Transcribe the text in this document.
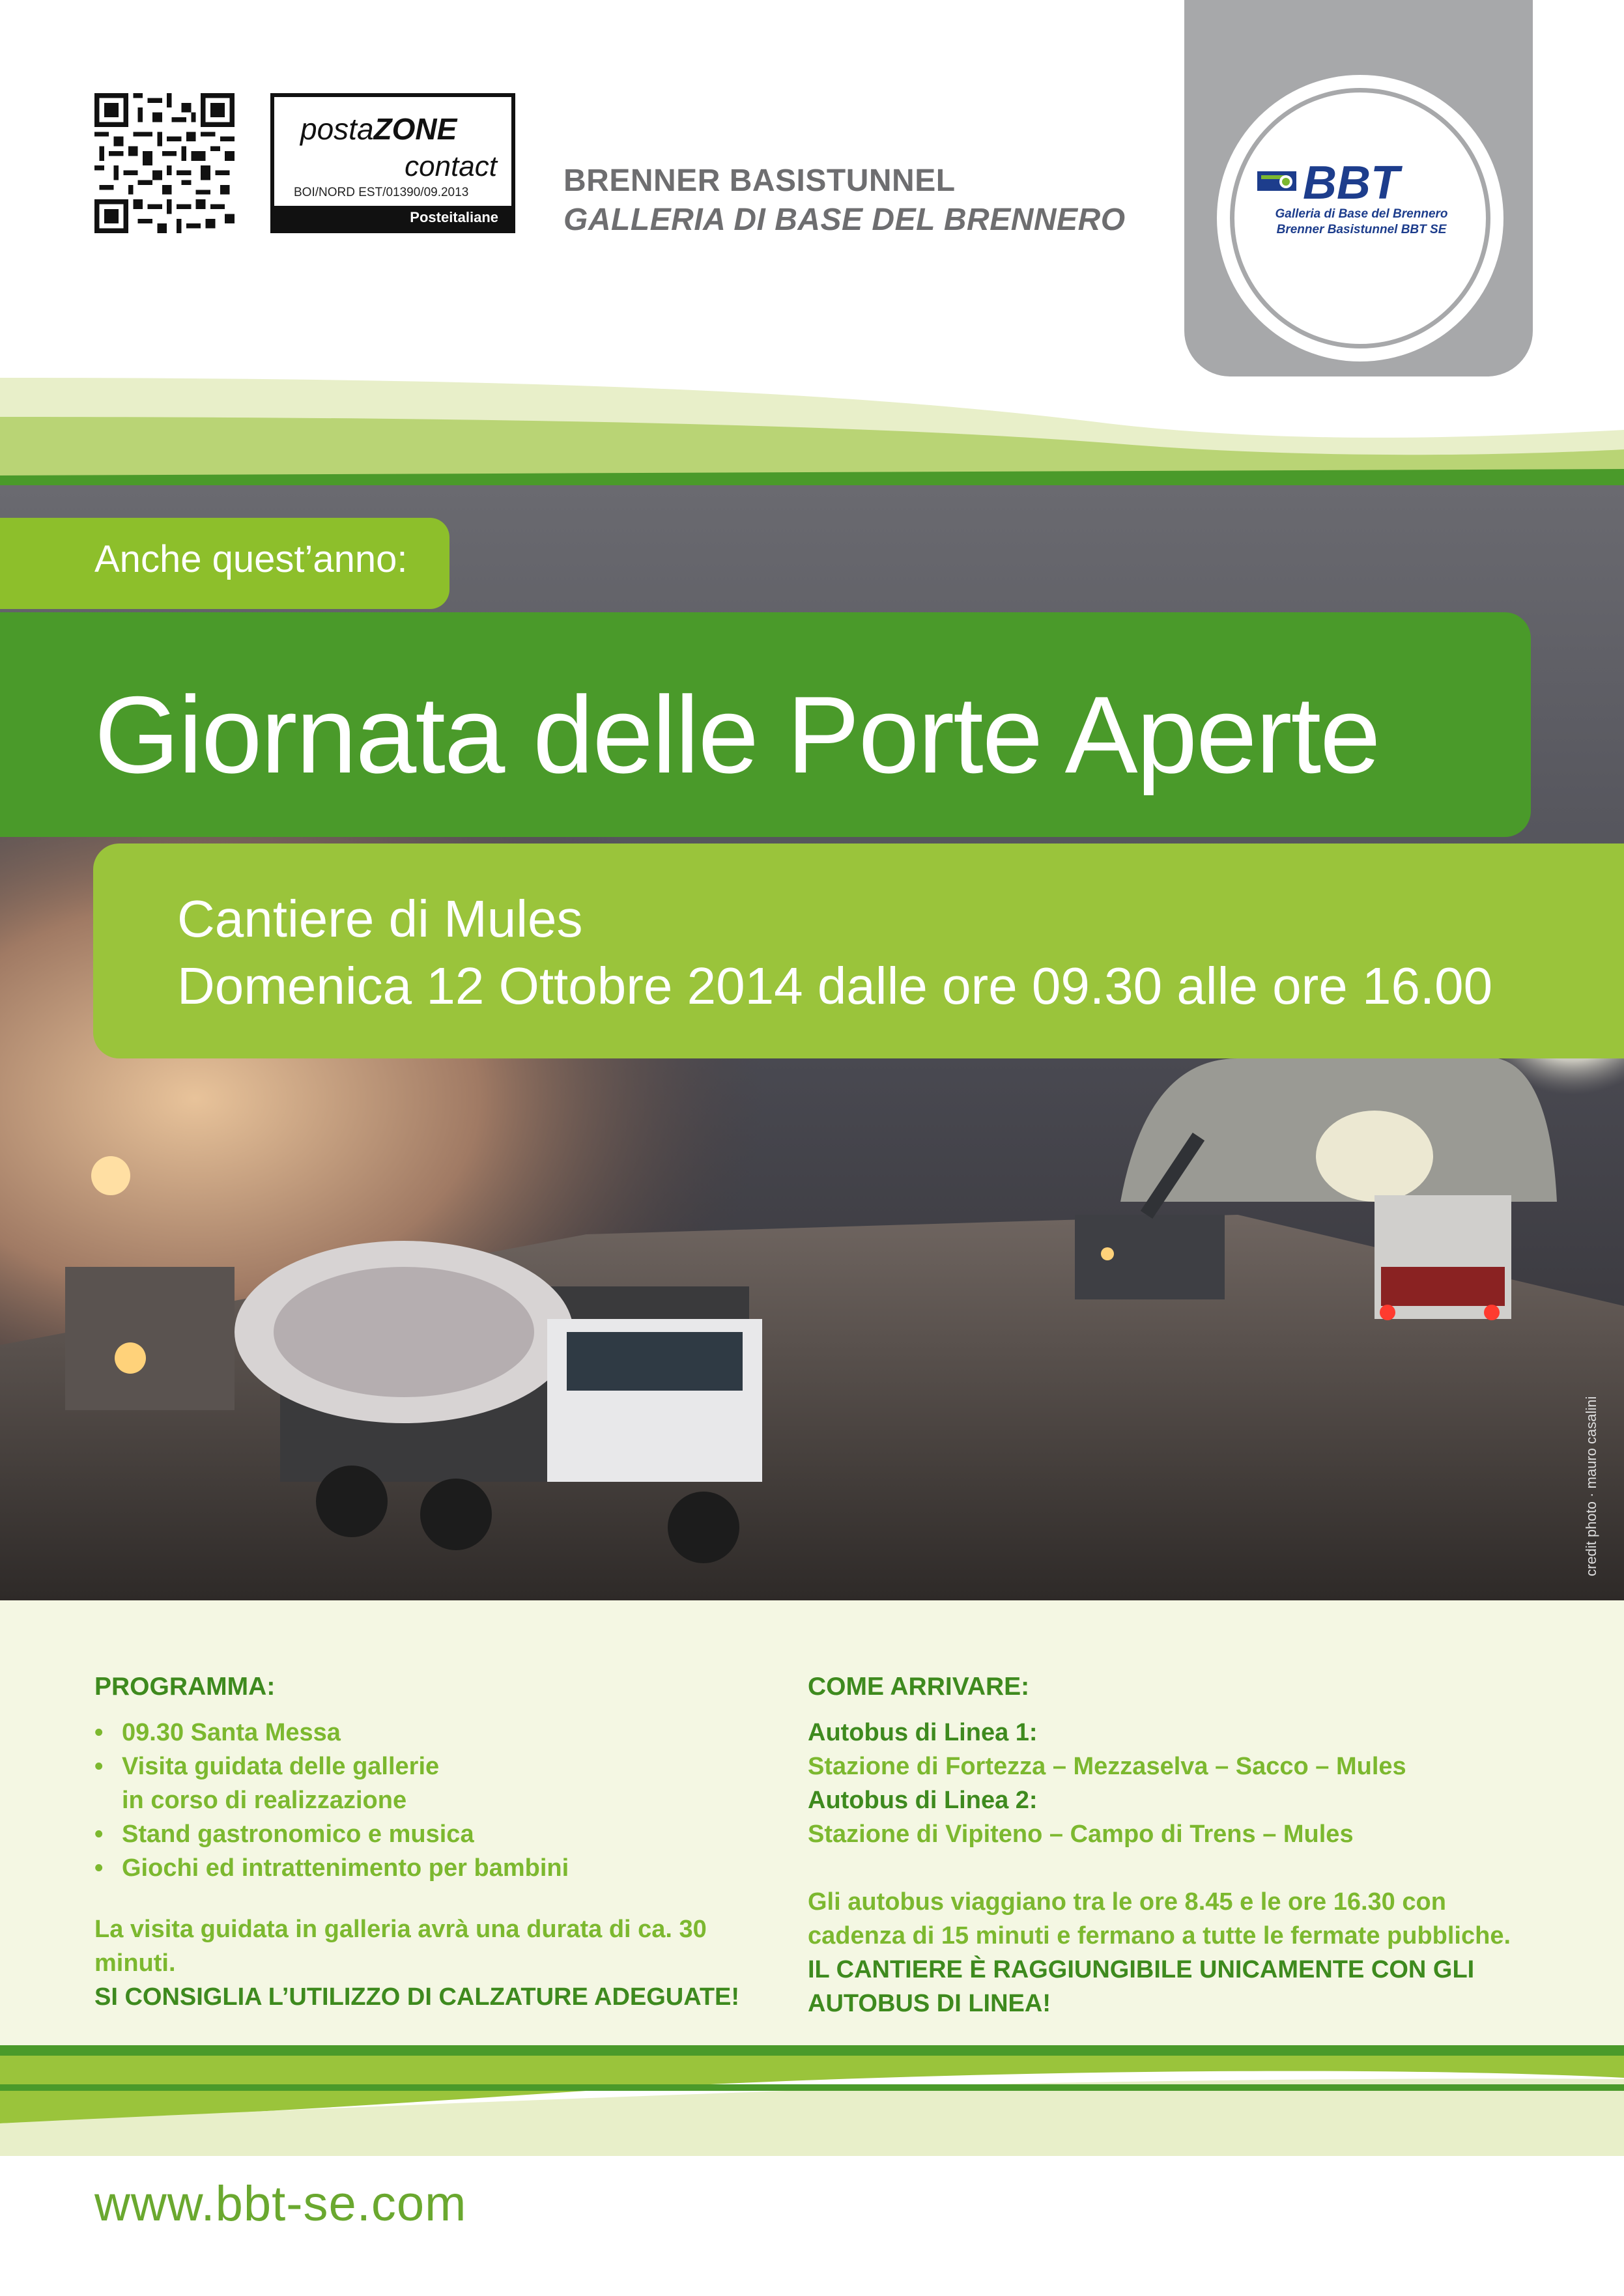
postaZONE
contact
BOI/NORD EST/01390/09.2013
Posteitaliane
BRENNER BASISTUNNEL
GALLERIA DI BASE DEL BRENNERO
BBT
Galleria di Base del Brennero
Brenner Basistunnel BBT SE
credit photo · mauro casalini
Anche quest’anno:
Giornata delle Porte Aperte
Cantiere di Mules
Domenica 12 Ottobre 2014 dalle ore 09.30 alle ore 16.00
PROGRAMMA:
• 09.30 Santa Messa
• Visita guidata delle gallerie
in corso di realizzazione
• Stand gastronomico e musica
• Giochi ed intrattenimento per bambini
La visita guidata in galleria avrà una durata di ca. 30 minuti.
SI CONSIGLIA L’UTILIZZO DI CALZATURE ADEGUATE!
COME ARRIVARE:
Autobus di Linea 1:
Stazione di Fortezza – Mezzaselva – Sacco – Mules
Autobus di Linea 2:
Stazione di Vipiteno – Campo di Trens – Mules
Gli autobus viaggiano tra le ore 8.45 e le ore 16.30 con
cadenza di 15 minuti e fermano a tutte le fermate pubbliche.
IL CANTIERE È RAGGIUNGIBILE UNICAMENTE CON GLI AUTOBUS DI LINEA!
www.bbt-se.com
